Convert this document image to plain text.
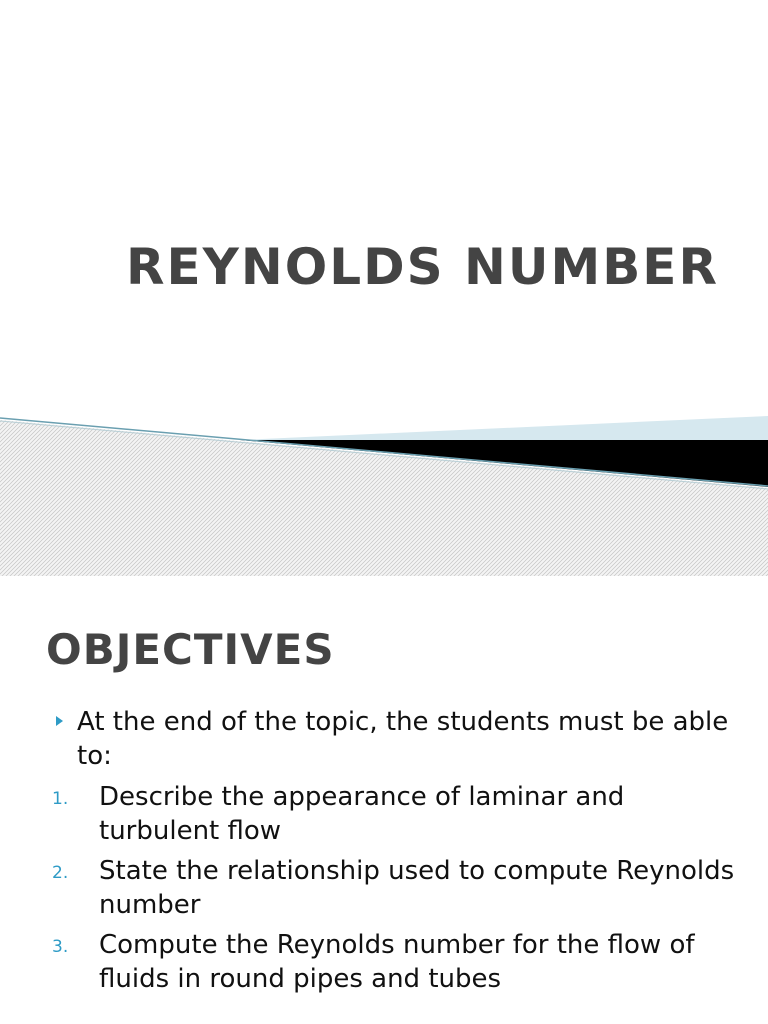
REYNOLDS NUMBER
OBJECTIVES
At the end of the topic, the students must be able to:
1. Describe the appearance of laminar and turbulent flow
2. State the relationship used to compute Reynolds number
3. Compute the Reynolds number for the flow of fluids in round pipes and tubes
